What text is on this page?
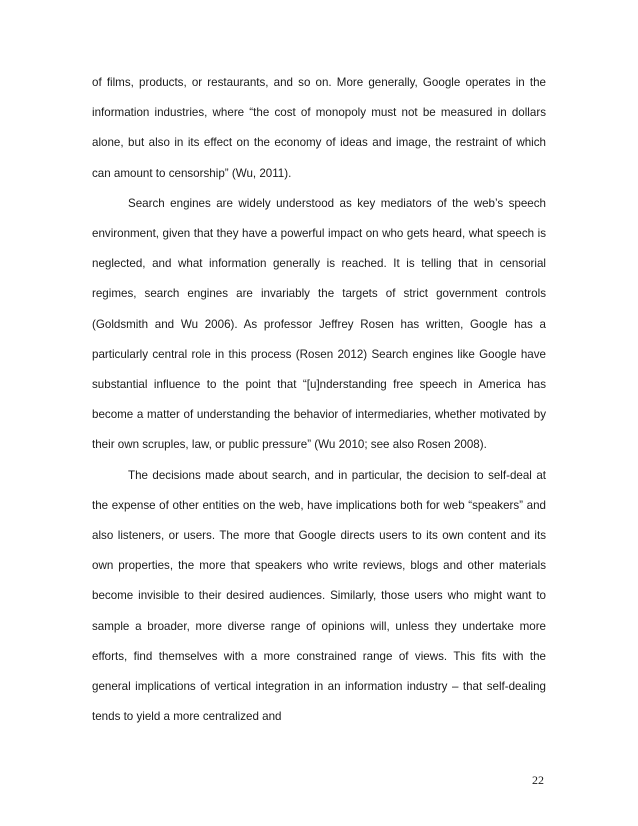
of films, products, or restaurants, and so on. More generally, Google operates in the information industries, where “the cost of monopoly must not be measured in dollars alone, but also in its effect on the economy of ideas and image, the restraint of which can amount to censorship” (Wu, 2011).

Search engines are widely understood as key mediators of the web’s speech environment, given that they have a powerful impact on who gets heard, what speech is neglected, and what information generally is reached. It is telling that in censorial regimes, search engines are invariably the targets of strict government controls (Goldsmith and Wu 2006). As professor Jeffrey Rosen has written, Google has a particularly central role in this process (Rosen 2012) Search engines like Google have substantial influence to the point that “[u]nderstanding free speech in America has become a matter of understanding the behavior of intermediaries, whether motivated by their own scruples, law, or public pressure” (Wu 2010; see also Rosen 2008).

The decisions made about search, and in particular, the decision to self-deal at the expense of other entities on the web, have implications both for web “speakers” and also listeners, or users. The more that Google directs users to its own content and its own properties, the more that speakers who write reviews, blogs and other materials become invisible to their desired audiences. Similarly, those users who might want to sample a broader, more diverse range of opinions will, unless they undertake more efforts, find themselves with a more constrained range of views. This fits with the general implications of vertical integration in an information industry – that self-dealing tends to yield a more centralized and

22
